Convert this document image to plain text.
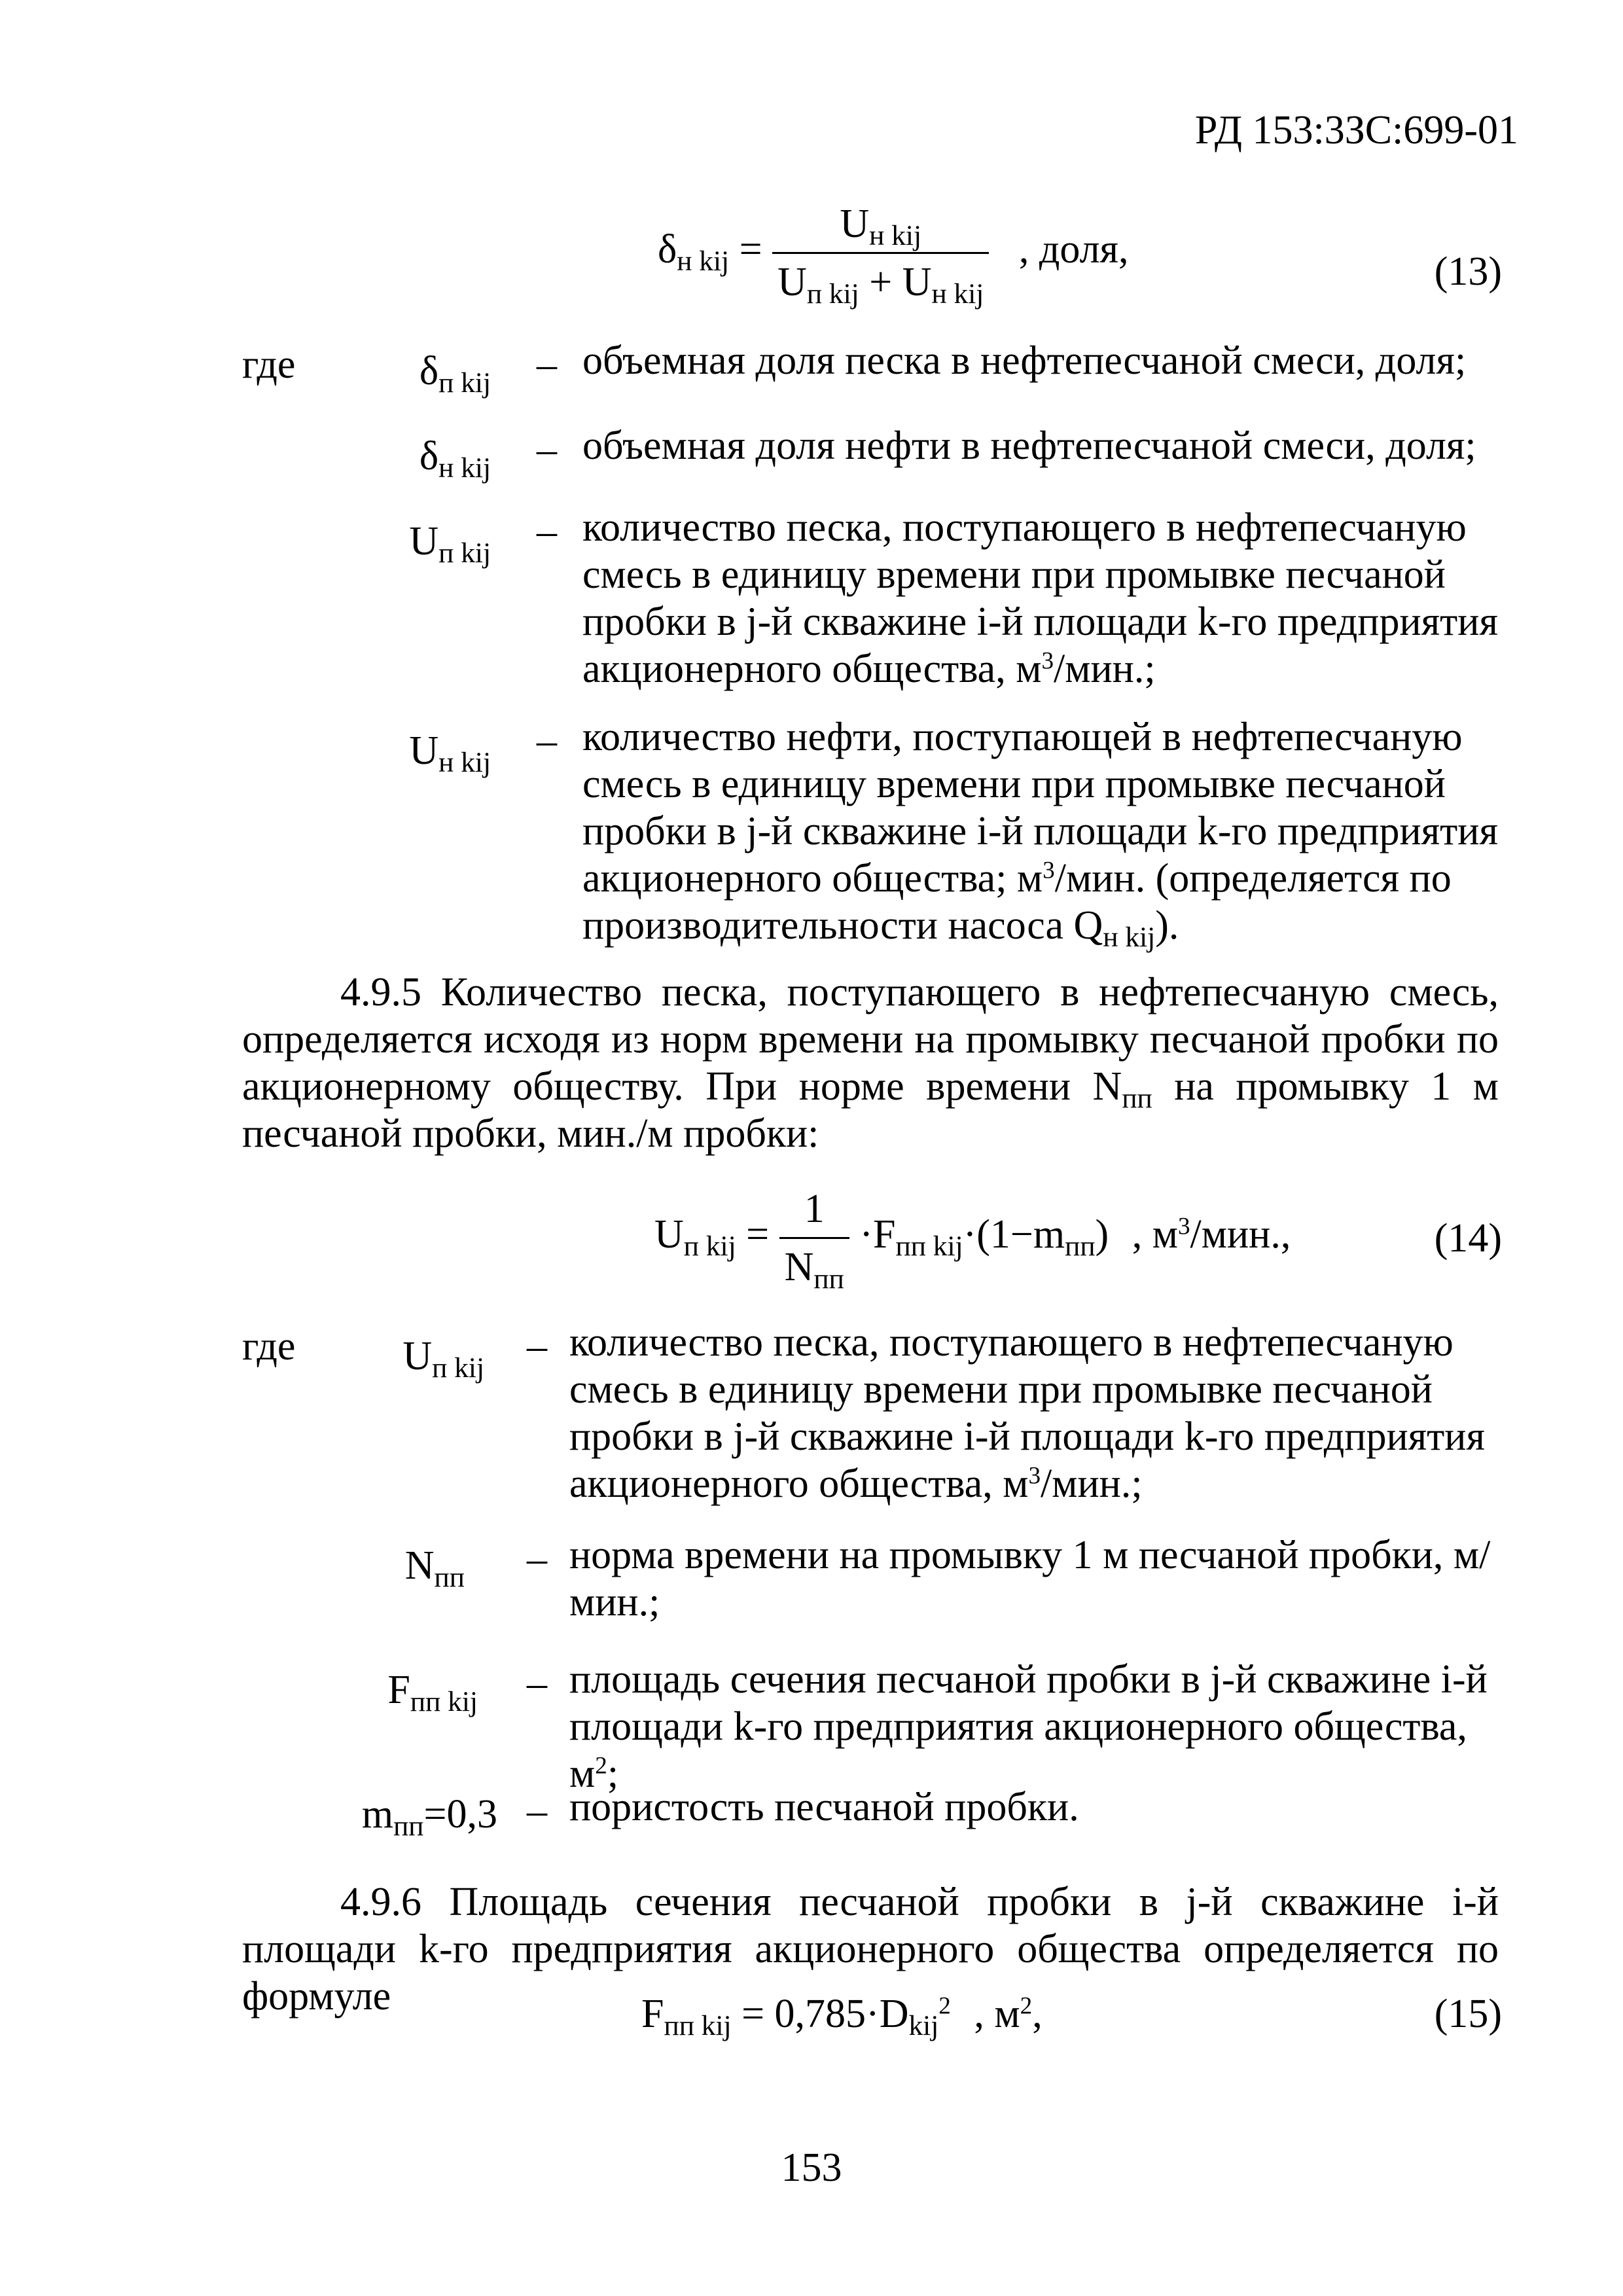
РД 153:3ЗС:699-01
$\delta_{н kij} = \frac{U_{н kij}}{U_{п kij} + U_{н kij}}$ , доля,	(13)
где	$\delta_{п kij}$ – объемная доля песка в нефтепесчаной смеси, доля;
$\delta_{н kij}$ – объемная доля нефти в нефтепесчаной смеси, доля;
$U_{п kij}$ – количество песка, поступающего в нефтепесчаную смесь в единицу времени при промывке песчаной пробки в j-й скважине i-й площади k-го предприятия акционерного общества, $м^3$/мин.;
$U_{н kij}$ – количество нефти, поступающей в нефтепесчаную смесь в единицу времени при промывке песчаной пробки в j-й скважине i-й площади k-го предприятия акционерного общества; $м^3$/мин. (определяется по производительности насоса $Q_{н kij}$).
4.9.5 Количество песка, поступающего в нефтепесчаную смесь, определяется исходя из норм времени на промывку песчаной пробки по акционерному обществу. При норме времени $N_{пп}$ на промывку 1 м песчаной пробки, мин./м пробки:
$U_{п kij} = \frac{1}{N_{пп}} \cdot F_{пп kij}\cdot(1-m_{пп})$ , $м^3$/мин.,	(14)
где	$U_{п kij}$ – количество песка, поступающего в нефтепесчаную смесь в единицу времени при промывке песчаной пробки в j-й скважине i-й площади k-го предприятия акционерного общества, $м^3$/мин.;
$N_{пп}$ – норма времени на промывку 1 м песчаной пробки, м/мин.;
$F_{пп kij}$ – площадь сечения песчаной пробки в j-й скважине i-й площади k-го предприятия акционерного общества, $м^2$;
$m_{пп}=0,3$ – пористость песчаной пробки.
4.9.6 Площадь сечения песчаной пробки в j-й скважине i-й площади k-го предприятия акционерного общества определяется по формуле	$F_{пп kij} = 0,785\cdot D_{kij}^2$ , $м^2$,	(15)
153
